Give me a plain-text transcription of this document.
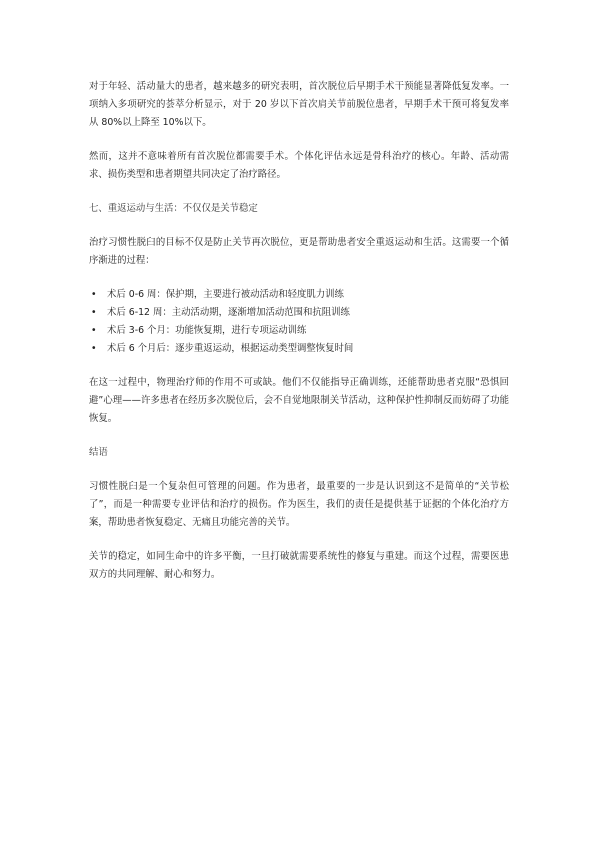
对于年轻、活动量大的患者，越来越多的研究表明，首次脱位后早期手术干预能显著降低复发率。一项纳入多项研究的荟萃分析显示，对于 20 岁以下首次肩关节前脱位患者，早期手术干预可将复发率从 80%以上降至 10%以下。

然而，这并不意味着所有首次脱位都需要手术。个体化评估永远是骨科治疗的核心。年龄、活动需求、损伤类型和患者期望共同决定了治疗路径。

七、重返运动与生活：不仅仅是关节稳定

治疗习惯性脱臼的目标不仅是防止关节再次脱位，更是帮助患者安全重返运动和生活。这需要一个循序渐进的过程：

• 术后 0-6 周：保护期，主要进行被动活动和轻度肌力训练
• 术后 6-12 周：主动活动期，逐渐增加活动范围和抗阻训练
• 术后 3-6 个月：功能恢复期，进行专项运动训练
• 术后 6 个月后：逐步重返运动，根据运动类型调整恢复时间

在这一过程中，物理治疗师的作用不可或缺。他们不仅能指导正确训练，还能帮助患者克服“恐惧回避”心理——许多患者在经历多次脱位后，会不自觉地限制关节活动，这种保护性抑制反而妨碍了功能恢复。

结语

习惯性脱臼是一个复杂但可管理的问题。作为患者，最重要的一步是认识到这不是简单的“关节松了”，而是一种需要专业评估和治疗的损伤。作为医生，我们的责任是提供基于证据的个体化治疗方案，帮助患者恢复稳定、无痛且功能完善的关节。

关节的稳定，如同生命中的许多平衡，一旦打破就需要系统性的修复与重建。而这个过程，需要医患双方的共同理解、耐心和努力。
